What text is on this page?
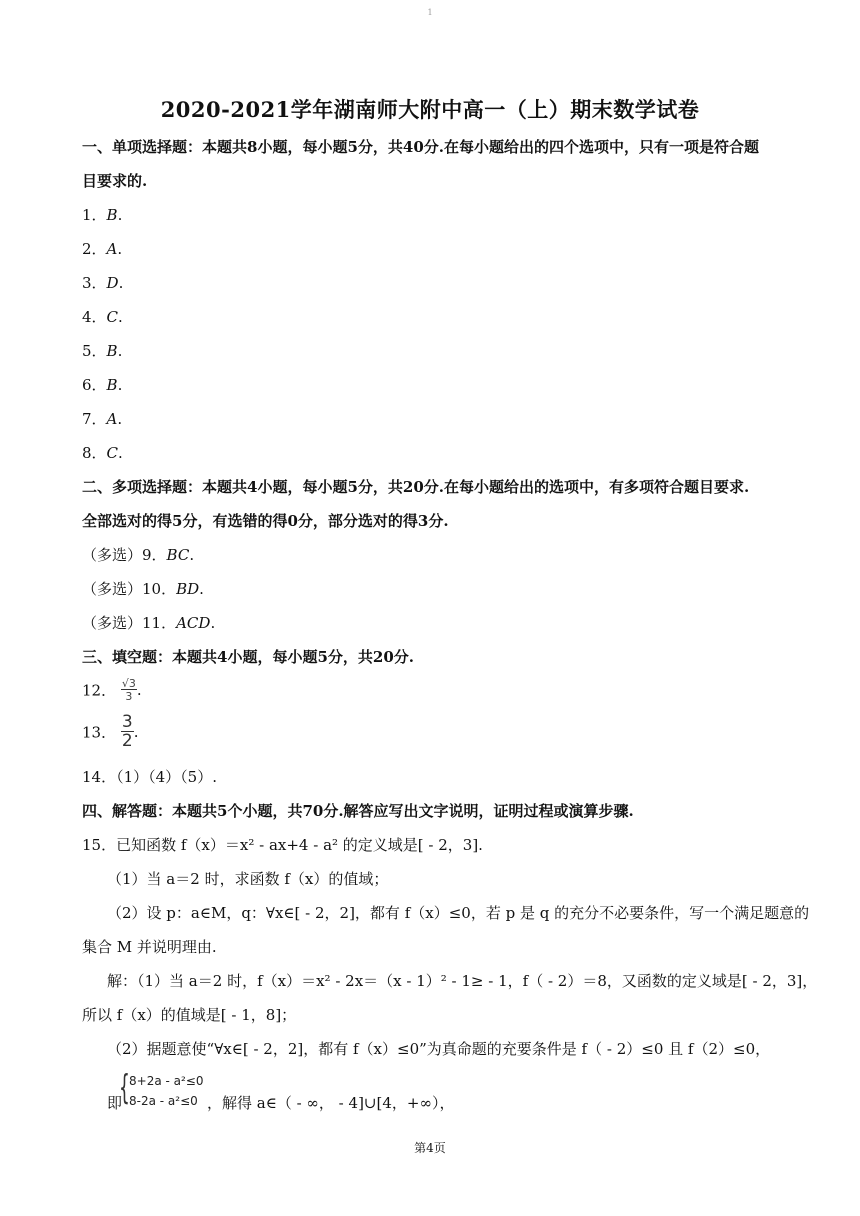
1
2020-2021学年湖南师大附中高一（上）期末数学试卷
一、单项选择题：本题共8小题，每小题5分，共40分.在每小题给出的四个选项中，只有一项是符合题
目要求的.
1．B.
2．A.
3．D.
4．C.
5．B.
6．B.
7．A.
8．C.
二、多项选择题：本题共4小题，每小题5分，共20分.在每小题给出的选项中，有多项符合题目要求.
全部选对的得5分，有选错的得0分，部分选对的得3分.
（多选）9．BC.
（多选）10．BD.
（多选）11．ACD.
三、填空题：本题共4小题，每小题5分，共20分.
12． $\frac{√3}{3}$ .
13． $\frac{3}{2}$ .
14．（1）（4）（5）.
四、解答题：本题共5个小题，共70分.解答应写出文字说明，证明过程或演算步骤.
15．已知函数 f（x）＝x² - ax+4 - a² 的定义域是[ - 2，3].
（1）当 a＝2 时，求函数 f（x）的值域；
（2）设 p：a∈M，q：∀x∈[ - 2，2]，都有 f（x）≤0，若 p 是 q 的充分不必要条件，写一个满足题意的
集合 M 并说明理由.
解：（1）当 a＝2 时，f（x）＝x² - 2x＝（x - 1）² - 1≥ - 1，f（ - 2）＝8，又函数的定义域是[ - 2，3]，
所以 f（x）的值域是[ - 1，8]；
（2）据题意使“∀x∈[ - 2，2]，都有 f（x）≤0”为真命题的充要条件是 f（ - 2）≤0 且 f（2）≤0，
即
{ 8+2a - a²≤0
8-2a - a²≤0 ，解得 a∈（ - ∞， - 4]∪[4，+∞），
第4页
